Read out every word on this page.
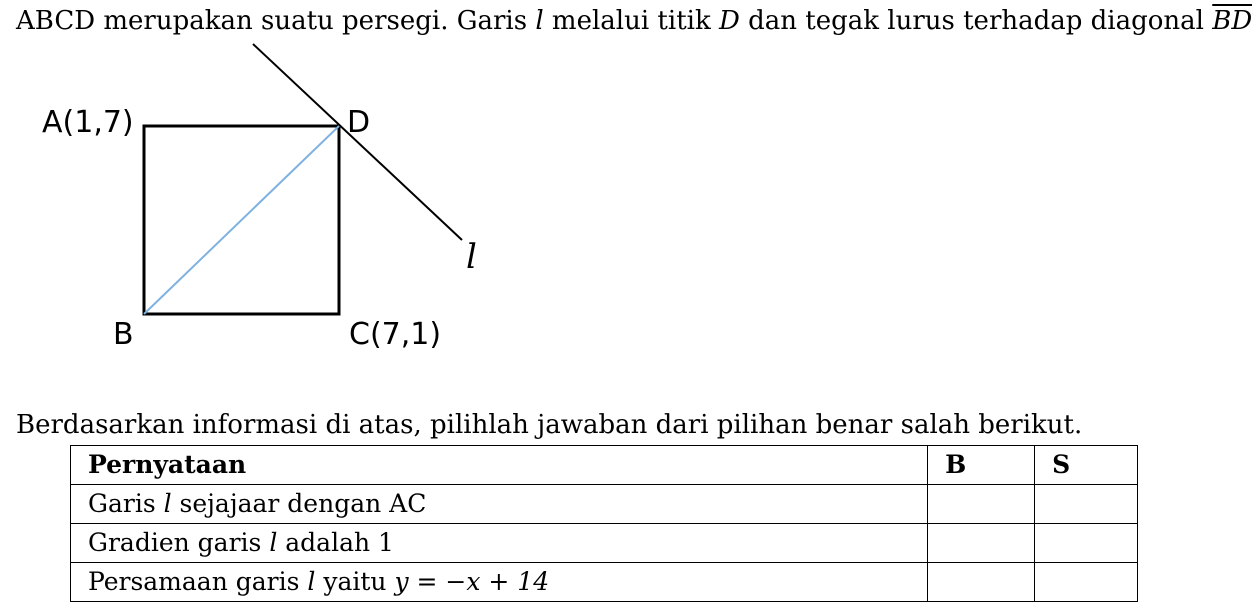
ABCD merupakan suatu persegi. Garis l melalui titik D dan tegak lurus terhadap diagonal $\overline{BD}$
A(1,7)	D
B	C(7,1)
l
Berdasarkan informasi di atas, pilihlah jawaban dari pilihan benar salah berikut.
Pernyataan	B	S
Garis l sejajaar dengan AC		
Gradien garis l adalah 1		
Persamaan garis l yaitu y = −x + 14		
